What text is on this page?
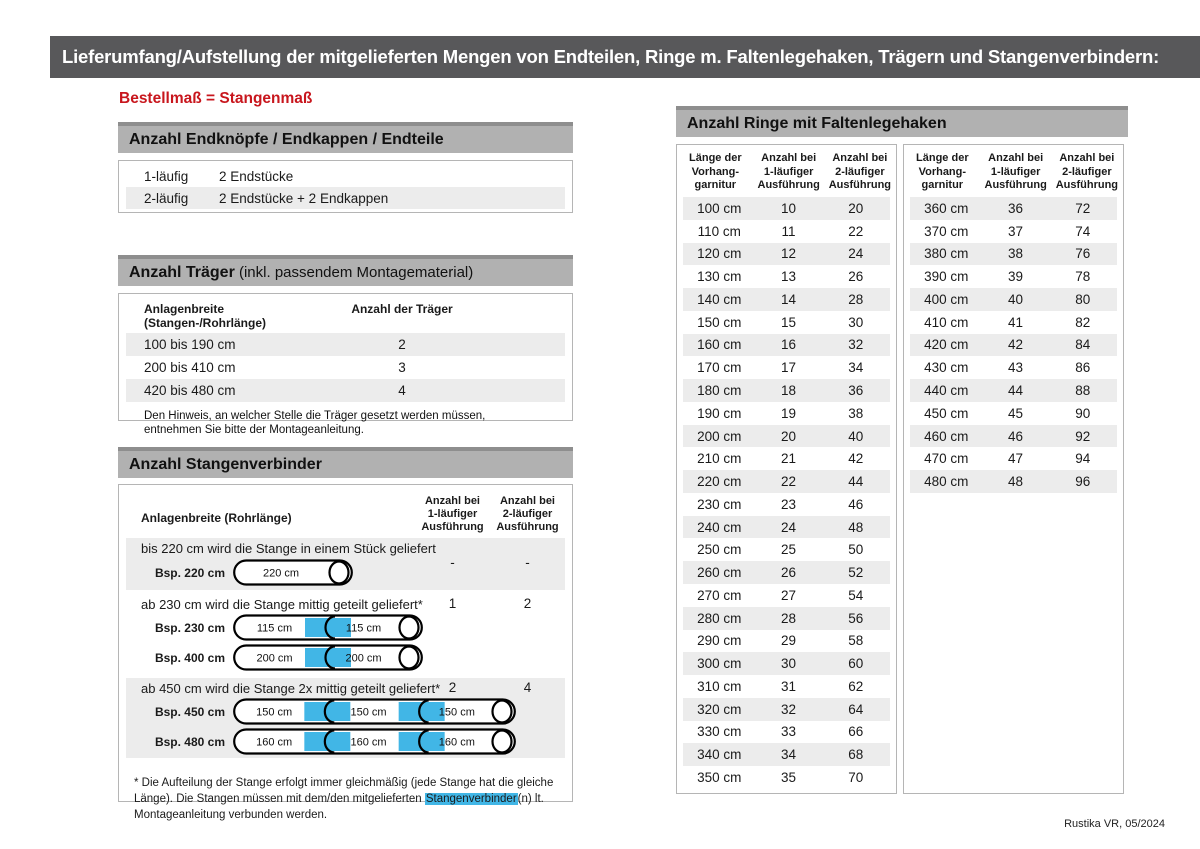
Lieferumfang/Aufstellung der mitgelieferten Mengen von Endteilen, Ringe m. Faltenlegehaken, Trägern und Stangenverbindern:
Bestellmaß = Stangenmaß
Anzahl Endknöpfe / Endkappen / Endteile
1-läufig	2 Endstücke
2-läufig	2 Endstücke + 2 Endkappen
Anzahl Träger (inkl. passendem Montagematerial)
Anlagenbreite (Stangen-/Rohrlänge)
Anzahl der Träger
100 bis 190 cm	2
200 bis 410 cm	3
420 bis 480 cm	4
Den Hinweis, an welcher Stelle die Träger gesetzt werden müssen, entnehmen Sie bitte der Montageanleitung.
Anzahl Stangenverbinder
Anlagenbreite (Rohrlänge)
Anzahl bei
1-läufiger
Ausführung
Anzahl bei
2-läufiger
Ausführung
bis 220 cm wird die Stange in einem Stück geliefert
-	-
Bsp. 220 cm	220 cm
ab 230 cm wird die Stange mittig geteilt geliefert*	1	2
Bsp. 230 cm	115 cm	115 cm
Bsp. 400 cm	200 cm	200 cm
ab 450 cm wird die Stange 2x mittig geteilt geliefert* 2	4
Bsp. 450 cm	150 cm	150 cm	150 cm
Bsp. 480 cm	160 cm	160 cm	160 cm

* Die Aufteilung der Stange erfolgt immer gleichmäßig (jede Stange hat die gleiche Länge). Die Stangen müssen mit dem/den mitgelieferten Stangenverbinder(n) lt. Montageanleitung verbunden werden.

Anzahl Ringe mit Faltenlegehaken
Länge der
Vorhang-
garnitur
Anzahl bei
1-läufiger
Ausführung
Anzahl bei
2-läufiger
Ausführung
100 cm	10	20
110 cm	11	22
120 cm	12	24
130 cm	13	26
140 cm	14	28
150 cm	15	30
160 cm	16	32
170 cm	17	34
180 cm	18	36
190 cm	19	38
200 cm	20	40
210 cm	21	42
220 cm	22	44
230 cm	23	46
240 cm	24	48
250 cm	25	50
260 cm	26	52
270 cm	27	54
280 cm	28	56
290 cm	29	58
300 cm	30	60
310 cm	31	62
320 cm	32	64
330 cm	33	66
340 cm	34	68
350 cm	35	70
Länge der
Vorhang-
garnitur
Anzahl bei
1-läufiger
Ausführung
Anzahl bei
2-läufiger
Ausführung
360 cm	36	72
370 cm	37	74
380 cm	38	76
390 cm	39	78
400 cm	40	80
410 cm	41	82
420 cm	42	84
430 cm	43	86
440 cm	44	88
450 cm	45	90
460 cm	46	92
470 cm	47	94
480 cm	48	96
Rustika VR, 05/2024
